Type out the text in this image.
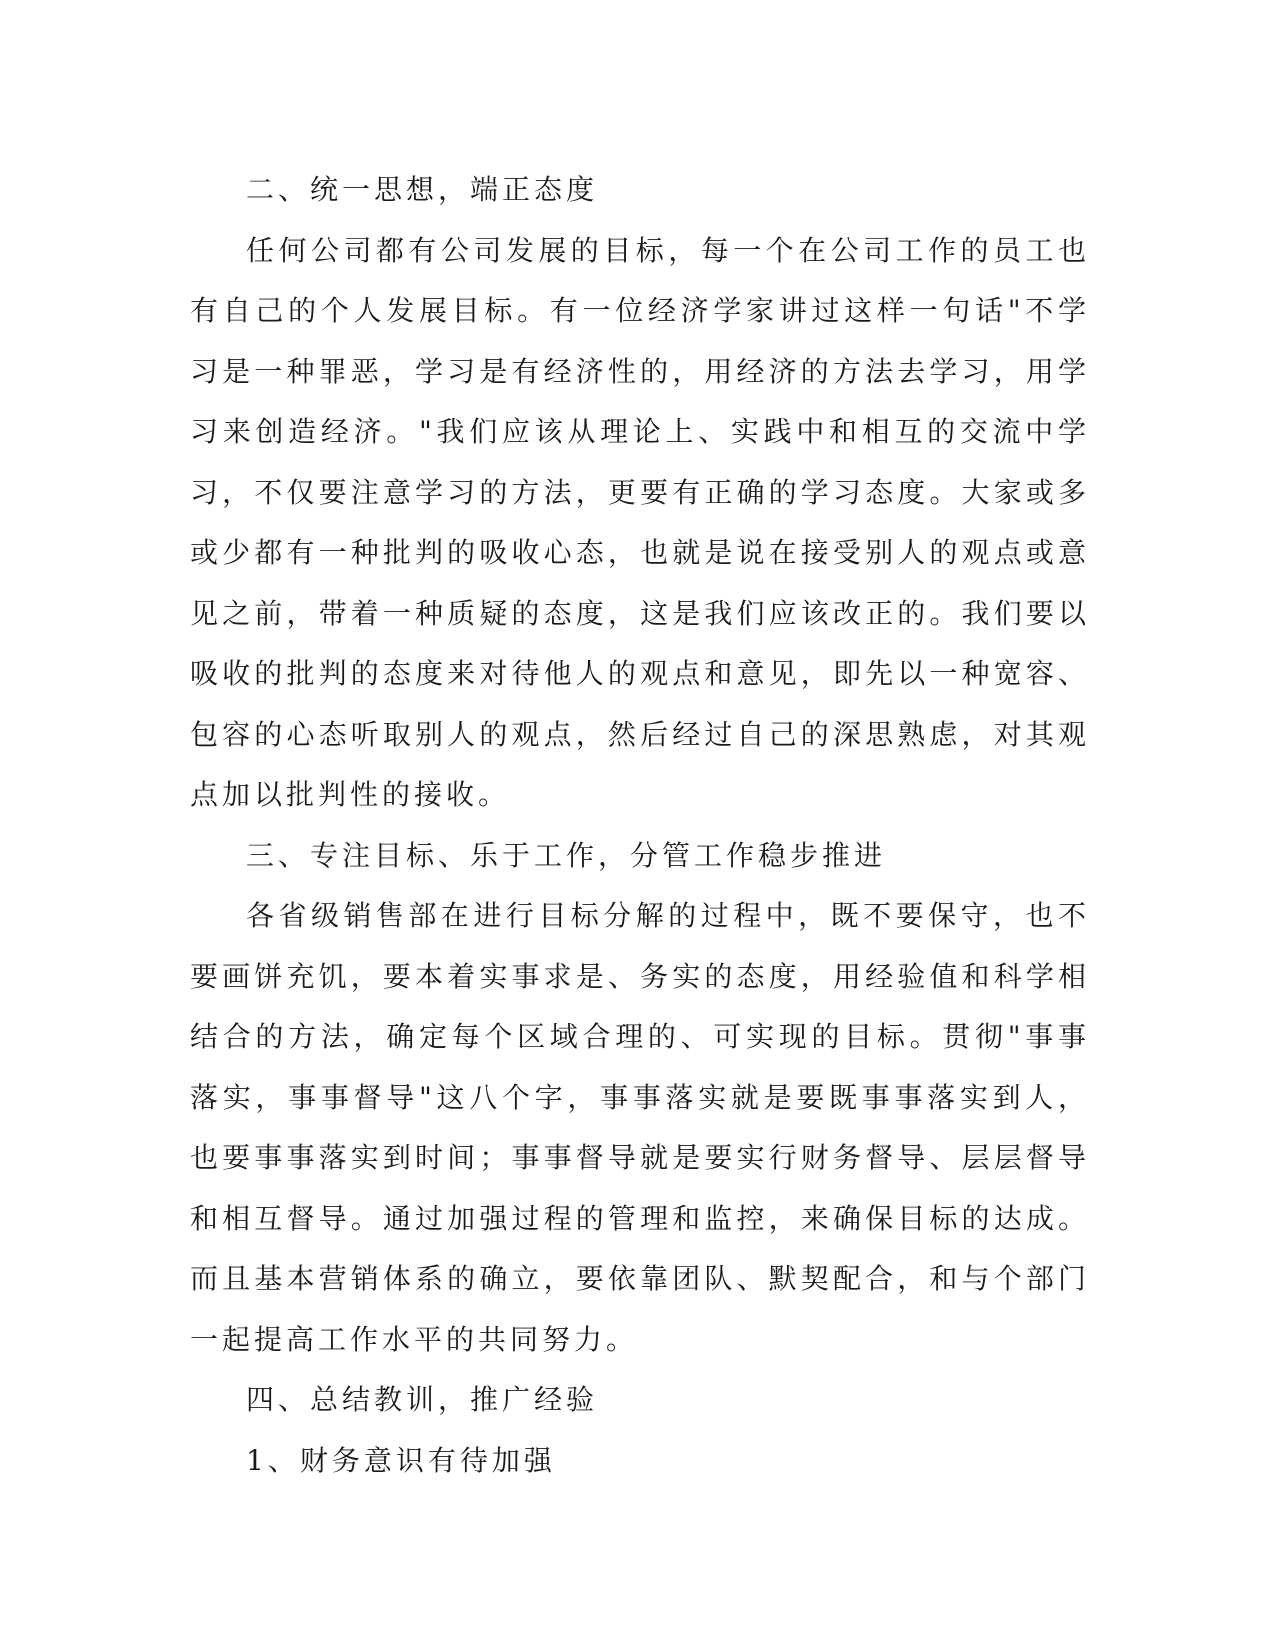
二、统一思想，端正态度

任何公司都有公司发展的目标，每一个在公司工作的员工也有自己的个人发展目标。有一位经济学家讲过这样一句话"不学习是一种罪恶，学习是有经济性的，用经济的方法去学习，用学习来创造经济。"我们应该从理论上、实践中和相互的交流中学习，不仅要注意学习的方法，更要有正确的学习态度。大家或多或少都有一种批判的吸收心态，也就是说在接受别人的观点或意见之前，带着一种质疑的态度，这是我们应该改正的。我们要以吸收的批判的态度来对待他人的观点和意见，即先以一种宽容、包容的心态听取别人的观点，然后经过自己的深思熟虑，对其观点加以批判性的接收。

三、专注目标、乐于工作，分管工作稳步推进

各省级销售部在进行目标分解的过程中，既不要保守，也不要画饼充饥，要本着实事求是、务实的态度，用经验值和科学相结合的方法，确定每个区域合理的、可实现的目标。贯彻"事事落实，事事督导"这八个字，事事落实就是要既事事落实到人，也要事事落实到时间；事事督导就是要实行财务督导、层层督导和相互督导。通过加强过程的管理和监控，来确保目标的达成。而且基本营销体系的确立，要依靠团队、默契配合，和与个部门一起提高工作水平的共同努力。

四、总结教训，推广经验

1、财务意识有待加强
